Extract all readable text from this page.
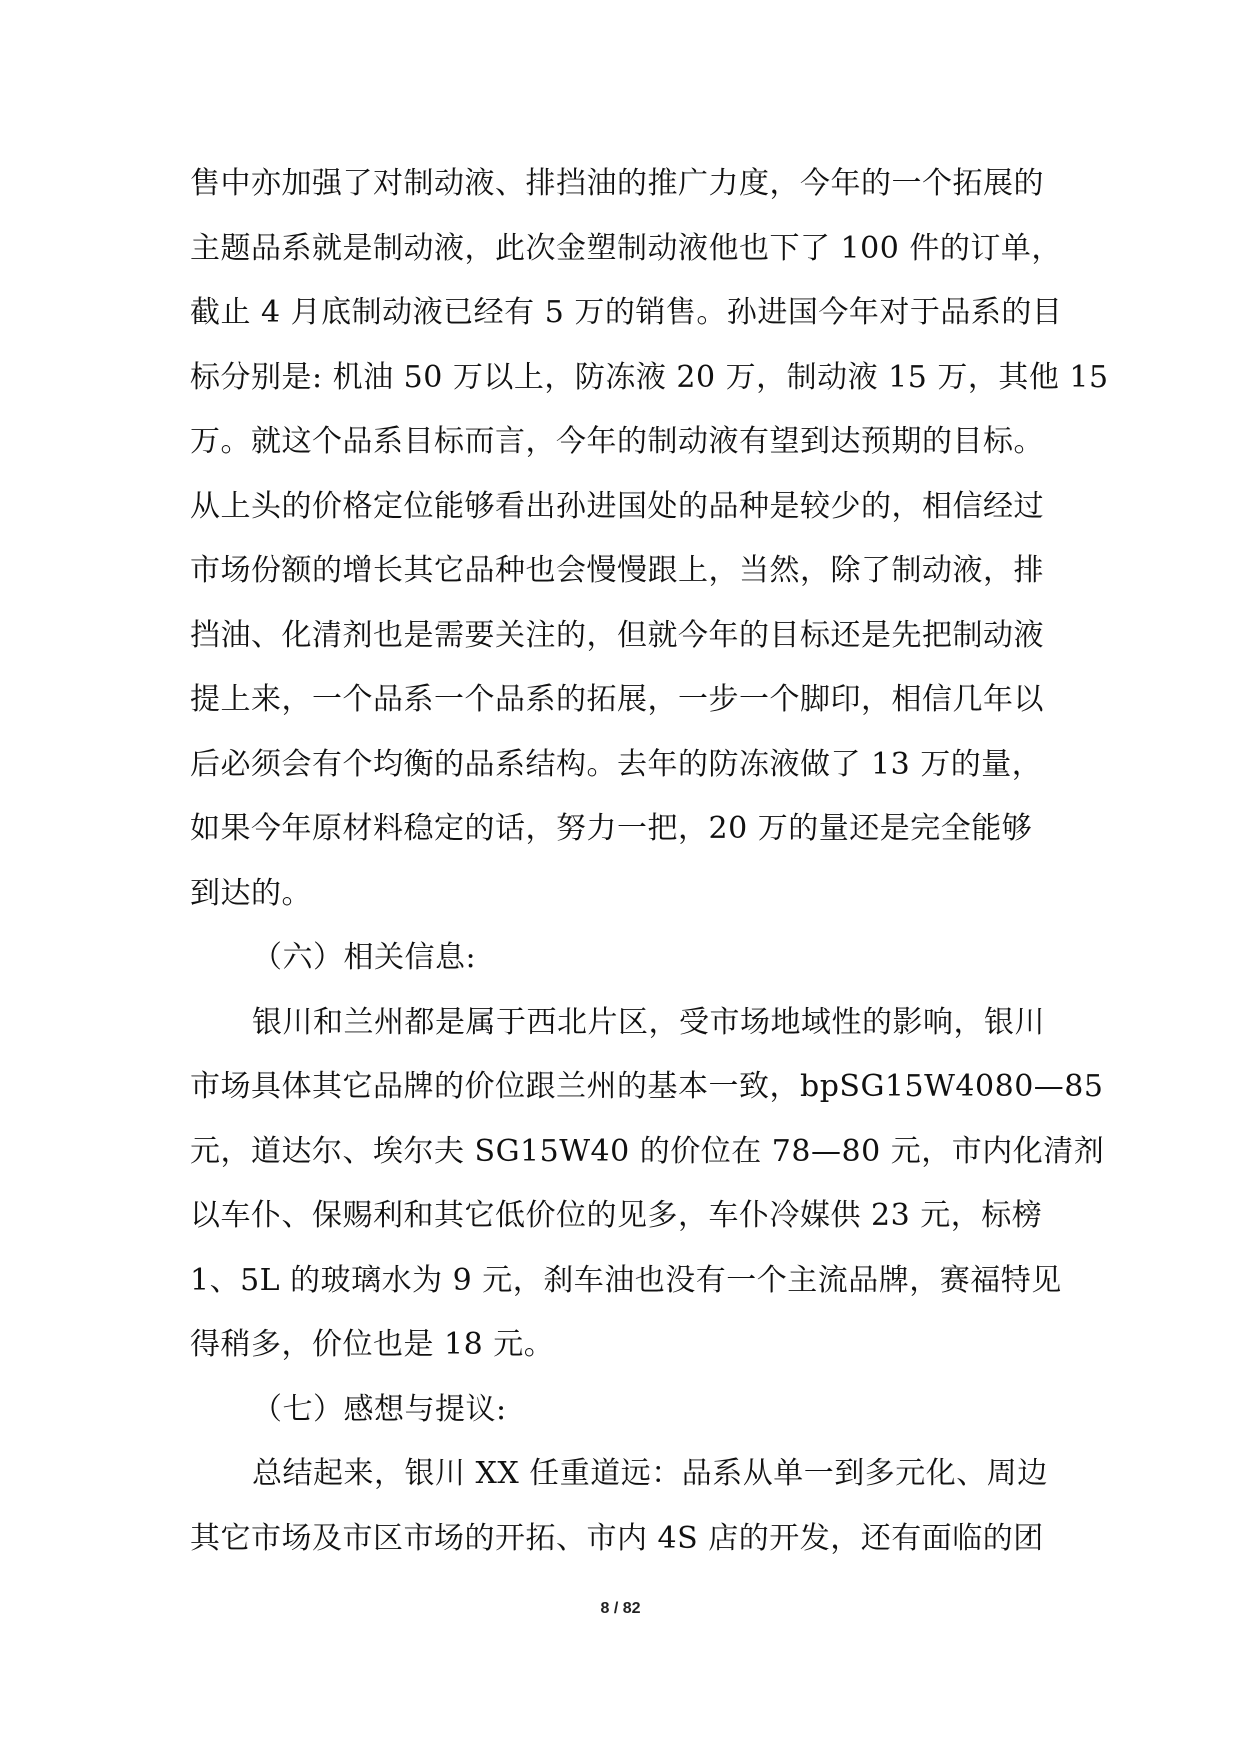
售中亦加强了对制动液、排挡油的推广力度，今年的一个拓展的
主题品系就是制动液，此次金塑制动液他也下了 100 件的订单，
截止 4 月底制动液已经有 5 万的销售。孙进国今年对于品系的目
标分别是: 机油 50 万以上，防冻液 20 万，制动液 15 万，其他 15
万。就这个品系目标而言，今年的制动液有望到达预期的目标。
从上头的价格定位能够看出孙进国处的品种是较少的，相信经过
市场份额的增长其它品种也会慢慢跟上，当然，除了制动液，排
挡油、化清剂也是需要关注的，但就今年的目标还是先把制动液
提上来，一个品系一个品系的拓展，一步一个脚印，相信几年以
后必须会有个均衡的品系结构。去年的防冻液做了 13 万的量，
如果今年原材料稳定的话，努力一把，20 万的量还是完全能够
到达的。
（六）相关信息:
银川和兰州都是属于西北片区，受市场地域性的影响，银川
市场具体其它品牌的价位跟兰州的基本一致，bpSG15W4080—85
元，道达尔、埃尔夫 SG15W40 的价位在 78—80 元，市内化清剂
以车仆、保赐利和其它低价位的见多，车仆冷媒供 23 元，标榜
1、5L 的玻璃水为 9 元，刹车油也没有一个主流品牌，赛福特见
得稍多，价位也是 18 元。
（七）感想与提议:
总结起来，银川 XX 任重道远：品系从单一到多元化、周边
其它市场及市区市场的开拓、市内 4S 店的开发，还有面临的团
8 / 82
